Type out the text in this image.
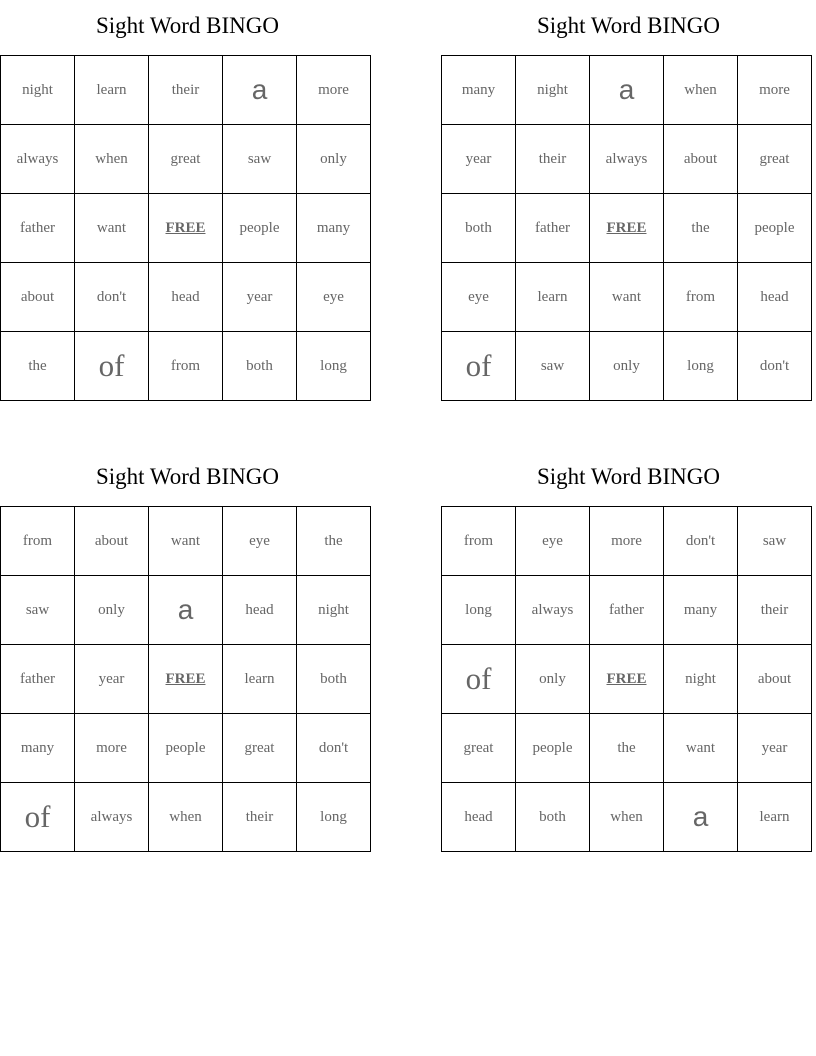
Sight Word BINGO
night	learn	their	a	more
always	when	great	saw	only
father	want	FREE	people	many
about	don't	head	year	eye
the	of	from	both	long
Sight Word BINGO
many	night	a	when	more
year	their	always	about	great
both	father	FREE	the	people
eye	learn	want	from	head
of	saw	only	long	don't
Sight Word BINGO
from	about	want	eye	the
saw	only	a	head	night
father	year	FREE	learn	both
many	more	people	great	don't
of	always	when	their	long
Sight Word BINGO
from	eye	more	don't	saw
long	always	father	many	their
of	only	FREE	night	about
great	people	the	want	year
head	both	when	a	learn
